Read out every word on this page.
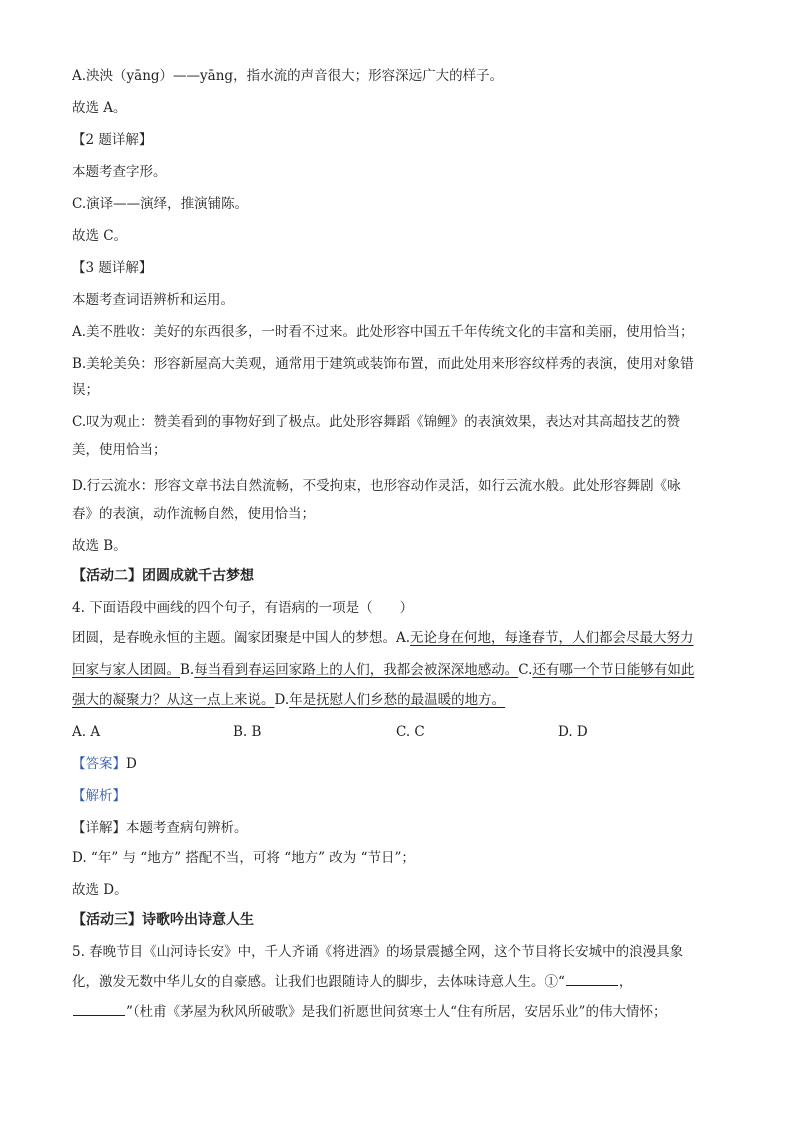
A.泱泱（yāng）——yāng，指水流的声音很大；形容深远广大的样子。
故选 A。
【2 题详解】
本题考查字形。
C.演译——演绎，推演铺陈。
故选 C。
【3 题详解】
本题考查词语辨析和运用。
A.美不胜收：美好的东西很多，一时看不过来。此处形容中国五千年传统文化的丰富和美丽，使用恰当；
B.美轮美奂：形容新屋高大美观，通常用于建筑或装饰布置，而此处用来形容纹样秀的表演，使用对象错
误；
C.叹为观止：赞美看到的事物好到了极点。此处形容舞蹈《锦鲤》的表演效果，表达对其高超技艺的赞
美，使用恰当；
D.行云流水：形容文章书法自然流畅，不受拘束，也形容动作灵活，如行云流水般。此处形容舞剧《咏
春》的表演，动作流畅自然，使用恰当；
故选 B。
【活动二】团圆成就千古梦想
4. 下面语段中画线的四个句子，有语病的一项是（　　）
团圆，是春晚永恒的主题。阖家团聚是中国人的梦想。A.无论身在何地，每逢春节，人们都会尽最大努力
回家与家人团圆。B.每当看到春运回家路上的人们，我都会被深深地感动。C.还有哪一个节日能够有如此
强大的凝聚力？从这一点上来说。D.年是抚慰人们乡愁的最温暖的地方。
A. A	B. B	C. C	D. D
【答案】D
【解析】
【详解】本题考查病句辨析。
D. “年” 与 “地方” 搭配不当，可将 “地方” 改为 “节日”；
故选 D。
【活动三】诗歌吟出诗意人生
5. 春晚节目《山河诗长安》中，千人齐诵《将进酒》的场景震撼全网，这个节目将长安城中的浪漫具象
化，激发无数中华儿女的自豪感。让我们也跟随诗人的脚步，去体味诗意人生。①“	，
”（杜甫《茅屋为秋风所破歌》是我们祈愿世间贫寒士人“住有所居，安居乐业”的伟大情怀；
